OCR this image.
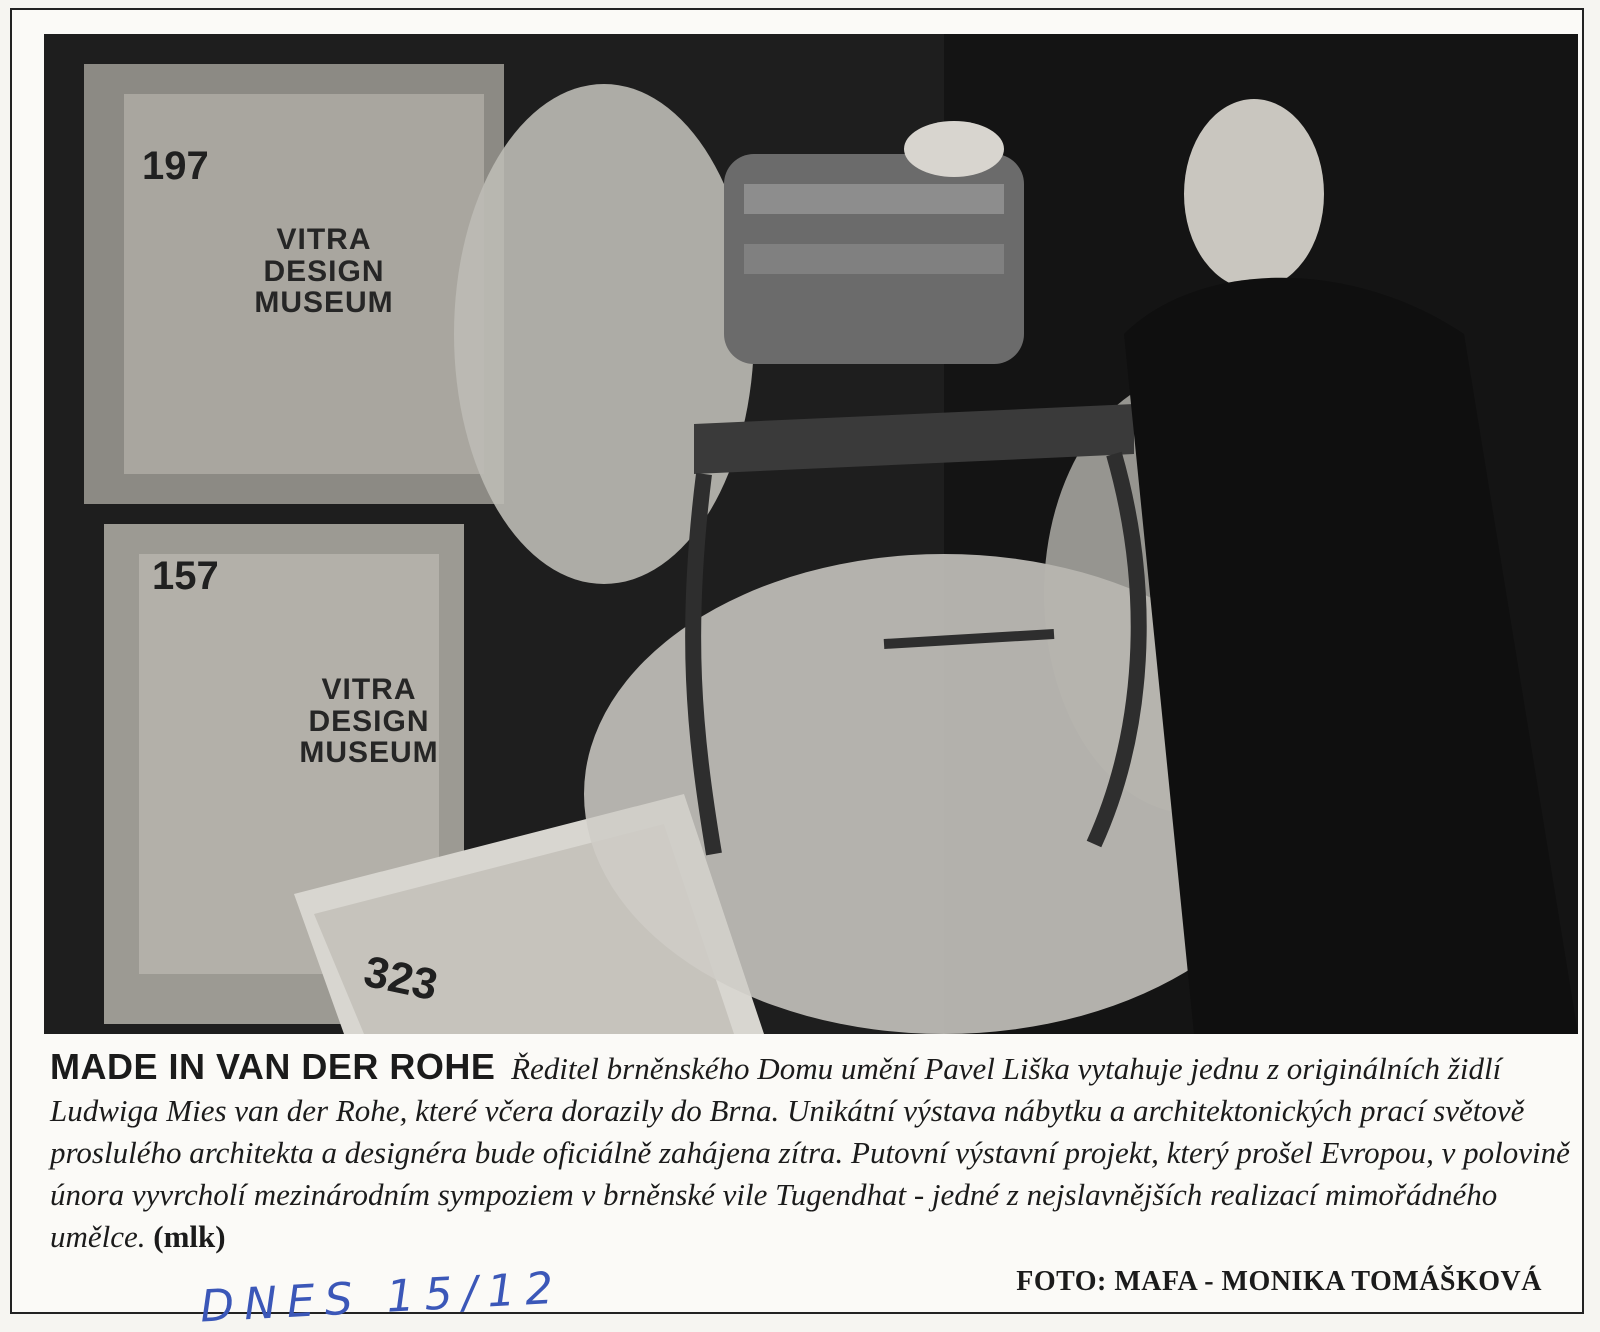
197
VITRA
DESIGN
MUSEUM
157
VITRA
DESIGN
MUSEUM
323
MADE IN VAN DER ROHE Ředitel brněnského Domu umění Pavel Liška vytahuje jednu z originálních židlí Ludwiga Mies van der Rohe, které včera dorazily do Brna. Unikátní výstava nábytku a architektonických prací světově proslulého architekta a designéra bude oficiálně zahájena zítra. Putovní výstavní projekt, který prošel Evropou, v polovině února vyvrcholí mezinárodním sympoziem v brněnské vile Tugendhat - jedné z nejslavnějších realizací mimořádného umělce. (mlk)
DNES 15/12	FOTO: MAFA - MONIKA TOMÁŠKOVÁ
